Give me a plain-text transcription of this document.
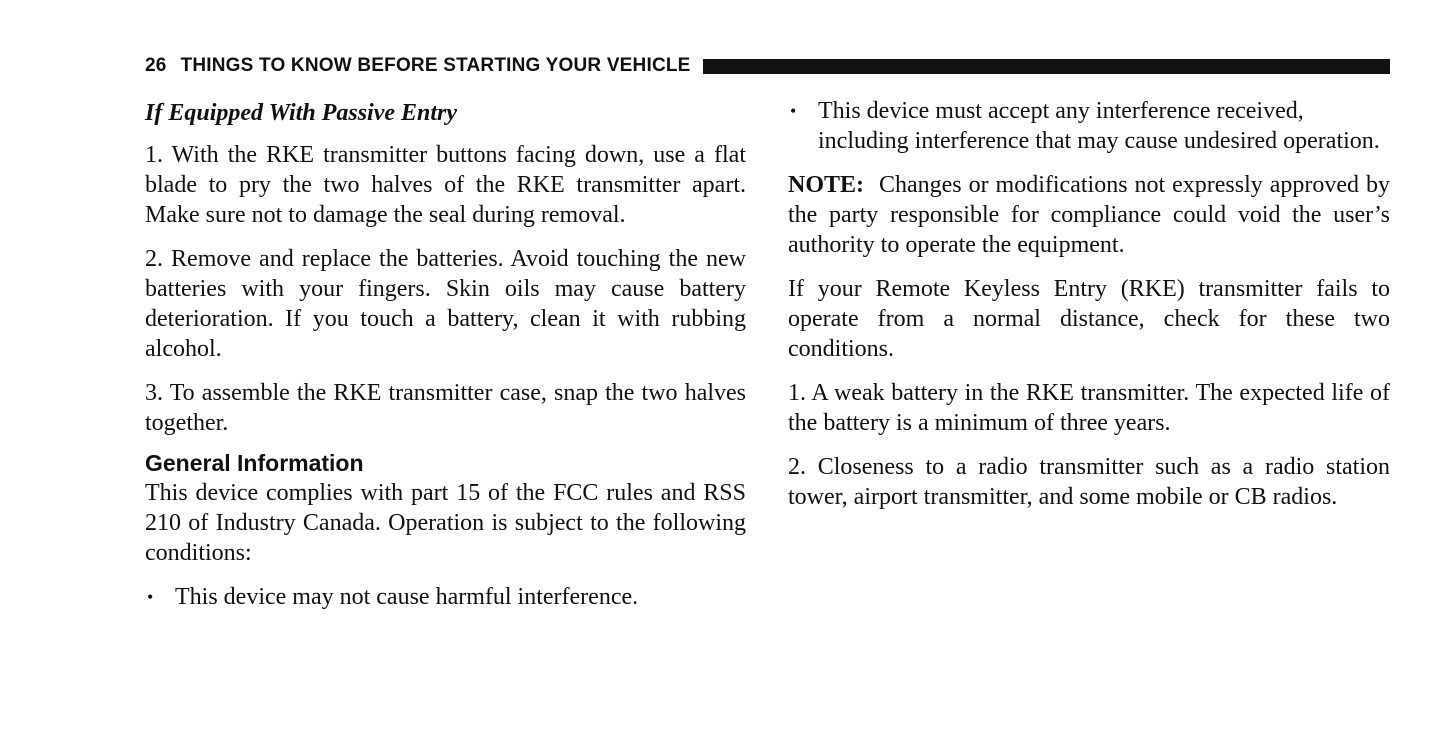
26 THINGS TO KNOW BEFORE STARTING YOUR VEHICLE
If Equipped With Passive Entry

1. With the RKE transmitter buttons facing down, use a flat blade to pry the two halves of the RKE transmitter apart. Make sure not to damage the seal during removal.

2. Remove and replace the batteries. Avoid touching the new batteries with your fingers. Skin oils may cause battery deterioration. If you touch a battery, clean it with rubbing alcohol.

3. To assemble the RKE transmitter case, snap the two halves together.

General Information

This device complies with part 15 of the FCC rules and RSS 210 of Industry Canada. Operation is subject to the following conditions:

• This device may not cause harmful interference.
• This device must accept any interference received, including interference that may cause undesired operation.

NOTE: Changes or modifications not expressly approved by the party responsible for compliance could void the user’s authority to operate the equipment.

If your Remote Keyless Entry (RKE) transmitter fails to operate from a normal distance, check for these two conditions.

1. A weak battery in the RKE transmitter. The expected life of the battery is a minimum of three years.

2. Closeness to a radio transmitter such as a radio station tower, airport transmitter, and some mobile or CB radios.
